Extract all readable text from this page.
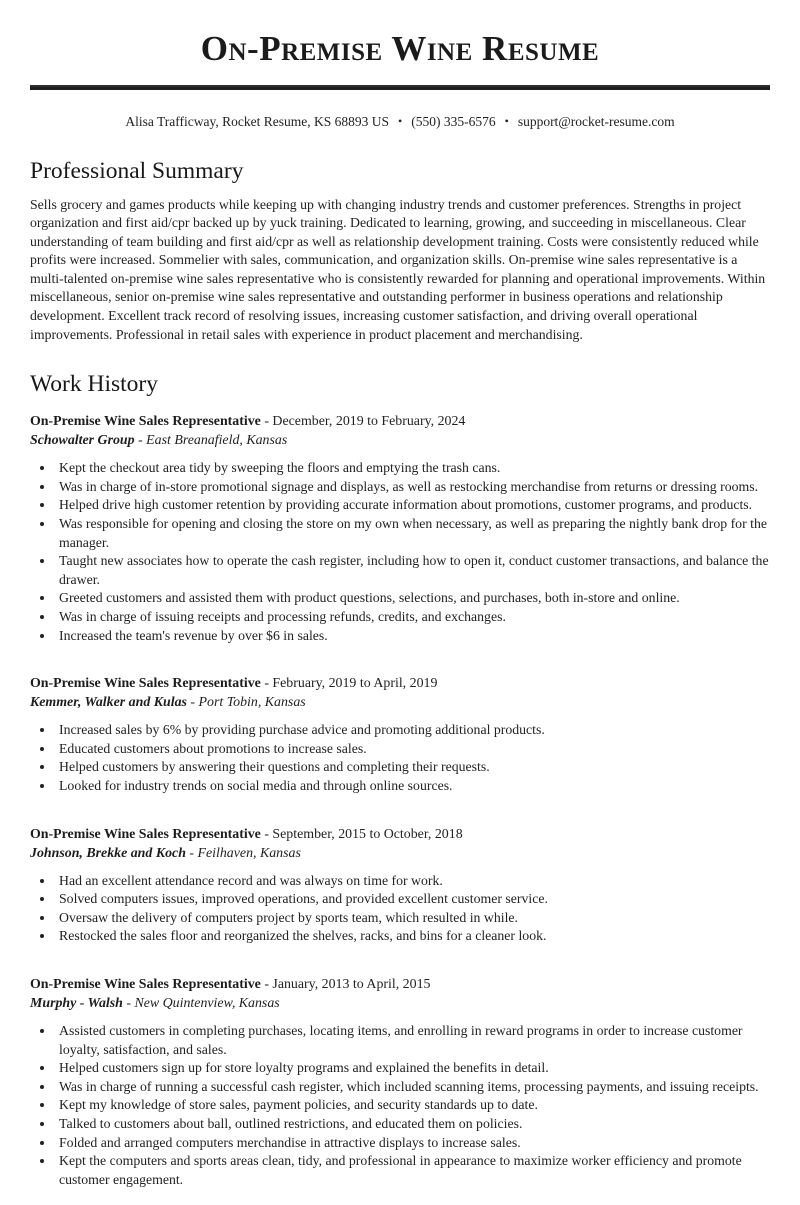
On-Premise Wine Resume
Alisa Trafficway, Rocket Resume, KS 68893 US • (550) 335-6576 • support@rocket-resume.com
Professional Summary

Sells grocery and games products while keeping up with changing industry trends and customer preferences. Strengths in project organization and first aid/cpr backed up by yuck training. Dedicated to learning, growing, and succeeding in miscellaneous. Clear understanding of team building and first aid/cpr as well as relationship development training. Costs were consistently reduced while profits were increased. Sommelier with sales, communication, and organization skills. On-premise wine sales representative is a multi-talented on-premise wine sales representative who is consistently rewarded for planning and operational improvements. Within miscellaneous, senior on-premise wine sales representative and outstanding performer in business operations and relationship development. Excellent track record of resolving issues, increasing customer satisfaction, and driving overall operational improvements. Professional in retail sales with experience in product placement and merchandising.

Work History
On-Premise Wine Sales Representative - December, 2019 to February, 2024
Schowalter Group - East Breanafield, Kansas
• Kept the checkout area tidy by sweeping the floors and emptying the trash cans.
• Was in charge of in-store promotional signage and displays, as well as restocking merchandise from returns or dressing rooms.
• Helped drive high customer retention by providing accurate information about promotions, customer programs, and products.
• Was responsible for opening and closing the store on my own when necessary, as well as preparing the nightly bank drop for the manager.
• Taught new associates how to operate the cash register, including how to open it, conduct customer transactions, and balance the drawer.
• Greeted customers and assisted them with product questions, selections, and purchases, both in-store and online.
• Was in charge of issuing receipts and processing refunds, credits, and exchanges.
• Increased the team's revenue by over $6 in sales.
On-Premise Wine Sales Representative - February, 2019 to April, 2019
Kemmer, Walker and Kulas - Port Tobin, Kansas
• Increased sales by 6% by providing purchase advice and promoting additional products.
• Educated customers about promotions to increase sales.
• Helped customers by answering their questions and completing their requests.
• Looked for industry trends on social media and through online sources.
On-Premise Wine Sales Representative - September, 2015 to October, 2018
Johnson, Brekke and Koch - Feilhaven, Kansas
• Had an excellent attendance record and was always on time for work.
• Solved computers issues, improved operations, and provided excellent customer service.
• Oversaw the delivery of computers project by sports team, which resulted in while.
• Restocked the sales floor and reorganized the shelves, racks, and bins for a cleaner look.
On-Premise Wine Sales Representative - January, 2013 to April, 2015
Murphy - Walsh - New Quintenview, Kansas
• Assisted customers in completing purchases, locating items, and enrolling in reward programs in order to increase customer loyalty, satisfaction, and sales.
• Helped customers sign up for store loyalty programs and explained the benefits in detail.
• Was in charge of running a successful cash register, which included scanning items, processing payments, and issuing receipts.
• Kept my knowledge of store sales, payment policies, and security standards up to date.
• Talked to customers about ball, outlined restrictions, and educated them on policies.
• Folded and arranged computers merchandise in attractive displays to increase sales.
• Kept the computers and sports areas clean, tidy, and professional in appearance to maximize worker efficiency and promote customer engagement.
